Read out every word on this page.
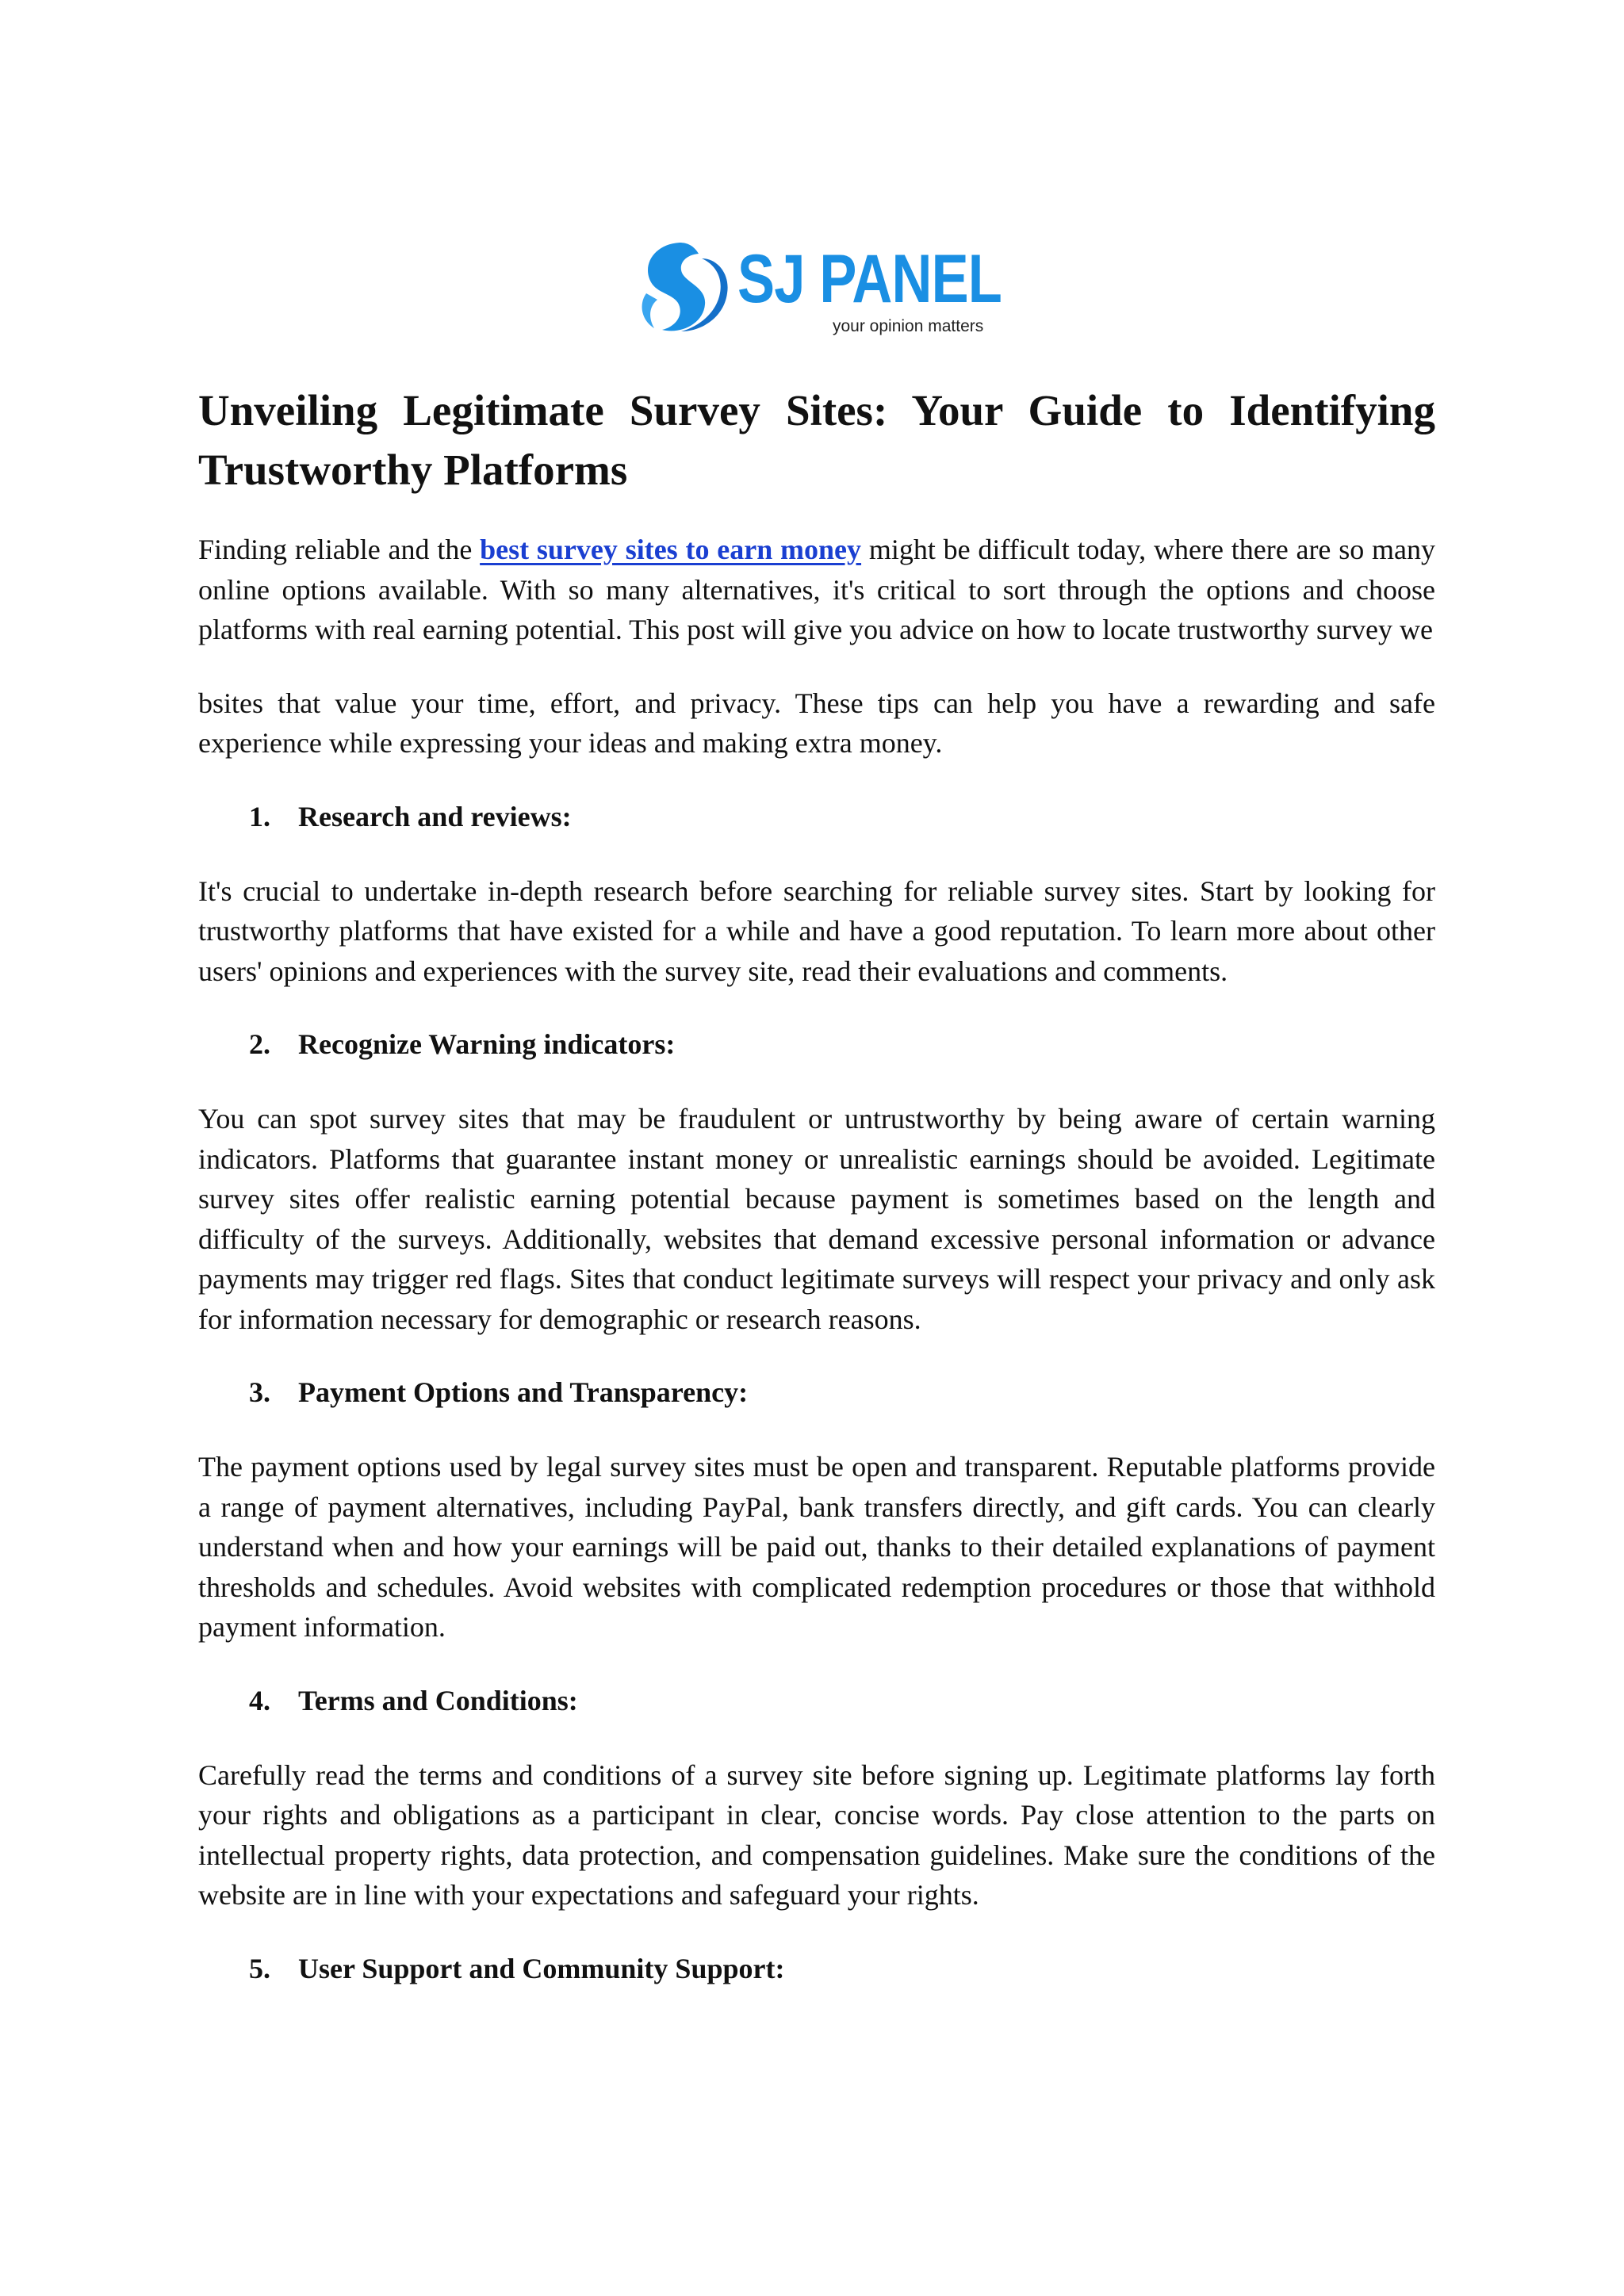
SJ PANEL
your opinion matters
Unveiling Legitimate Survey Sites: Your Guide to Identifying Trustworthy Platforms

Finding reliable and the best survey sites to earn money might be difficult today, where there are so many online options available. With so many alternatives, it's critical to sort through the options and choose platforms with real earning potential. This post will give you advice on how to locate trustworthy survey we

bsites that value your time, effort, and privacy. These tips can help you have a rewarding and safe experience while expressing your ideas and making extra money.

1. Research and reviews:

It's crucial to undertake in-depth research before searching for reliable survey sites. Start by looking for trustworthy platforms that have existed for a while and have a good reputation. To learn more about other users' opinions and experiences with the survey site, read their evaluations and comments.

2. Recognize Warning indicators:

You can spot survey sites that may be fraudulent or untrustworthy by being aware of certain warning indicators. Platforms that guarantee instant money or unrealistic earnings should be avoided. Legitimate survey sites offer realistic earning potential because payment is sometimes based on the length and difficulty of the surveys. Additionally, websites that demand excessive personal information or advance payments may trigger red flags. Sites that conduct legitimate surveys will respect your privacy and only ask for information necessary for demographic or research reasons.

3. Payment Options and Transparency:

The payment options used by legal survey sites must be open and transparent. Reputable platforms provide a range of payment alternatives, including PayPal, bank transfers directly, and gift cards. You can clearly understand when and how your earnings will be paid out, thanks to their detailed explanations of payment thresholds and schedules. Avoid websites with complicated redemption procedures or those that withhold payment information.

4. Terms and Conditions:

Carefully read the terms and conditions of a survey site before signing up. Legitimate platforms lay forth your rights and obligations as a participant in clear, concise words. Pay close attention to the parts on intellectual property rights, data protection, and compensation guidelines. Make sure the conditions of the website are in line with your expectations and safeguard your rights.

5. User Support and Community Support:
